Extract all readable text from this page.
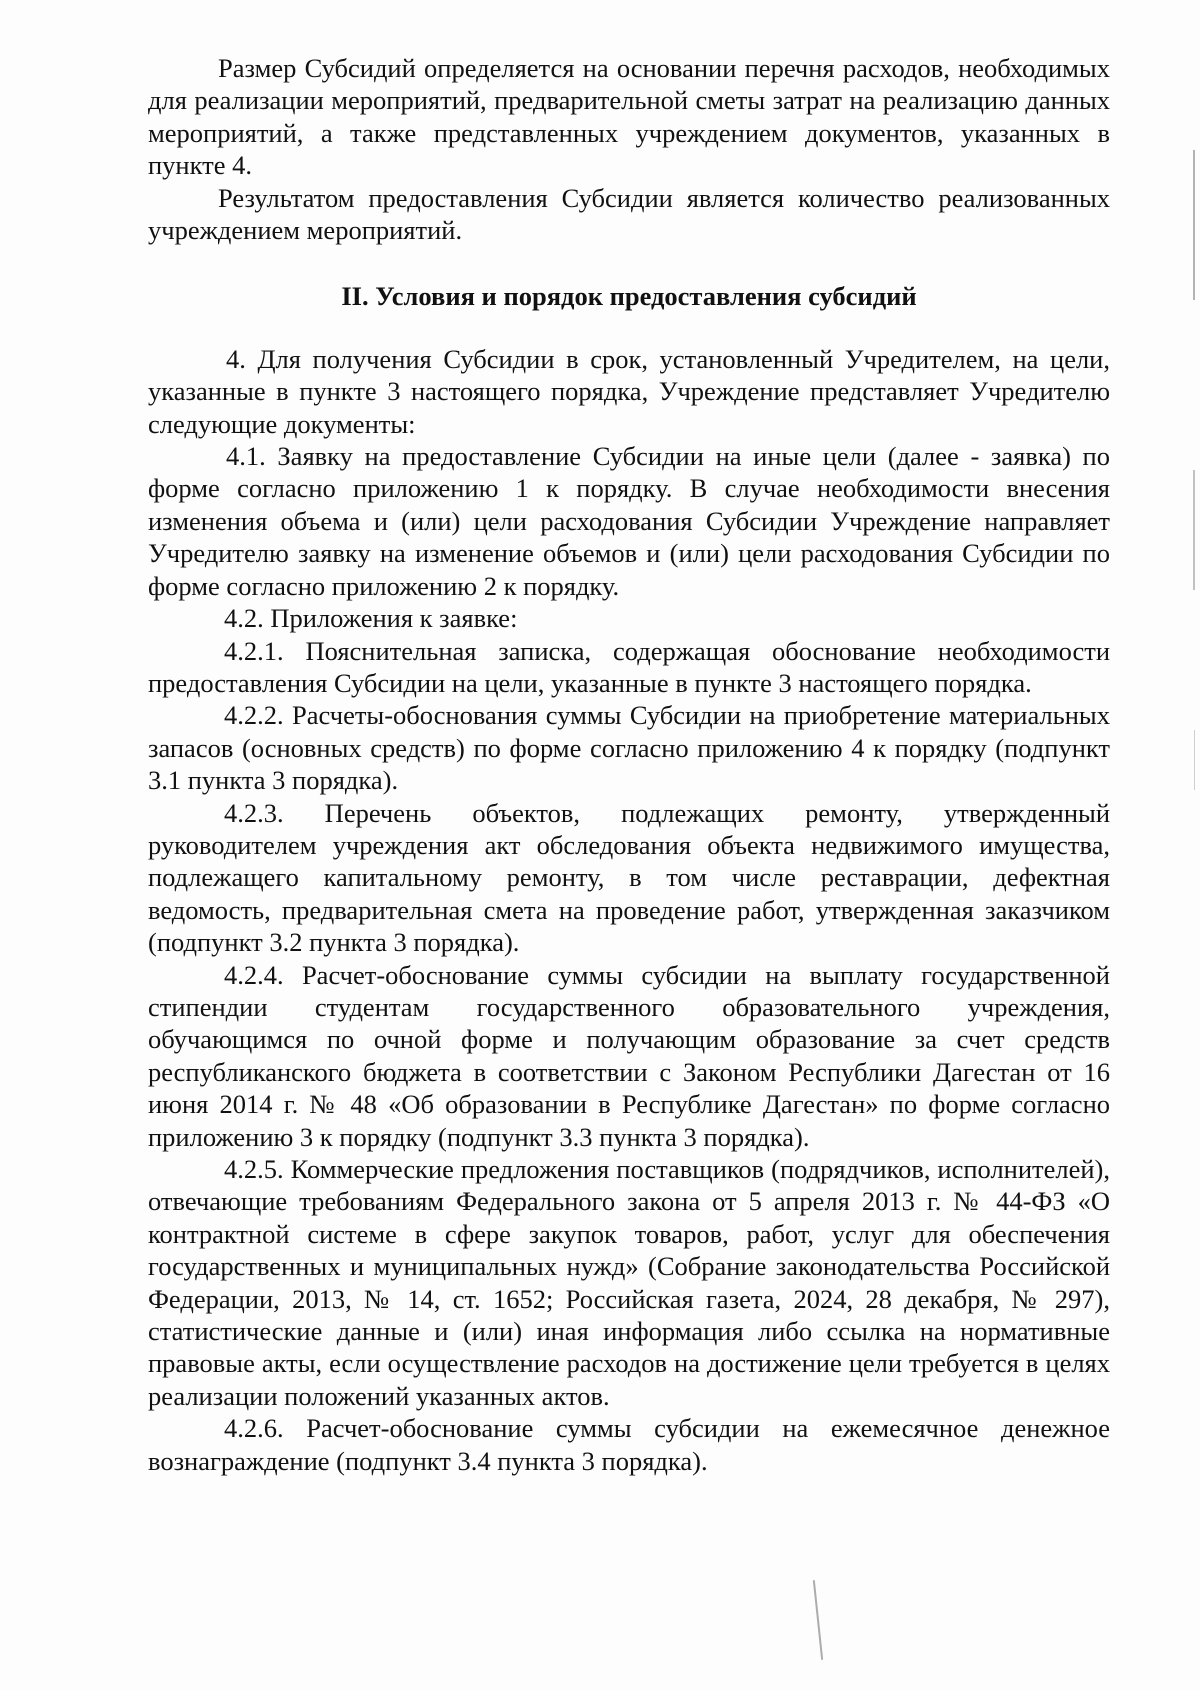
Размер Субсидий определяется на основании перечня расходов, необходимых для реализации мероприятий, предварительной сметы затрат на реализацию данных мероприятий, а также представленных учреждением документов, указанных в пункте 4.

Результатом предоставления Субсидии является количество реализованных учреждением мероприятий.

II. Условия и порядок предоставления субсидий

4. Для получения Субсидии в срок, установленный Учредителем, на цели, указанные в пункте 3 настоящего порядка, Учреждение представляет Учредителю следующие документы:

4.1. Заявку на предоставление Субсидии на иные цели (далее - заявка) по форме согласно приложению 1 к порядку. В случае необходимости внесения изменения объема и (или) цели расходования Субсидии Учреждение направляет Учредителю заявку на изменение объемов и (или) цели расходования Субсидии по форме согласно приложению 2 к порядку.

4.2. Приложения к заявке:

4.2.1. Пояснительная записка, содержащая обоснование необходимости предоставления Субсидии на цели, указанные в пункте 3 настоящего порядка.

4.2.2. Расчеты-обоснования суммы Субсидии на приобретение материальных запасов (основных средств) по форме согласно приложению 4 к порядку (подпункт 3.1 пункта 3 порядка).

4.2.3. Перечень объектов, подлежащих ремонту, утвержденный руководителем учреждения акт обследования объекта недвижимого имущества, подлежащего капитальному ремонту, в том числе реставрации, дефектная ведомость, предварительная смета на проведение работ, утвержденная заказчиком (подпункт 3.2 пункта 3 порядка).

4.2.4. Расчет-обоснование суммы субсидии на выплату государственной стипендии студентам государственного образовательного учреждения, обучающимся по очной форме и получающим образование за счет средств республиканского бюджета в соответствии с Законом Республики Дагестан от 16 июня 2014 г. № 48 «Об образовании в Республике Дагестан» по форме согласно приложению 3 к порядку (подпункт 3.3 пункта 3 порядка).

4.2.5. Коммерческие предложения поставщиков (подрядчиков, исполнителей), отвечающие требованиям Федерального закона от 5 апреля 2013 г. № 44-ФЗ «О контрактной системе в сфере закупок товаров, работ, услуг для обеспечения государственных и муниципальных нужд» (Собрание законодательства Российской Федерации, 2013, № 14, ст. 1652; Российская газета, 2024, 28 декабря, № 297), статистические данные и (или) иная информация либо ссылка на нормативные правовые акты, если осуществление расходов на достижение цели требуется в целях реализации положений указанных актов.

4.2.6. Расчет-обоснование суммы субсидии на ежемесячное денежное вознаграждение (подпункт 3.4 пункта 3 порядка).
